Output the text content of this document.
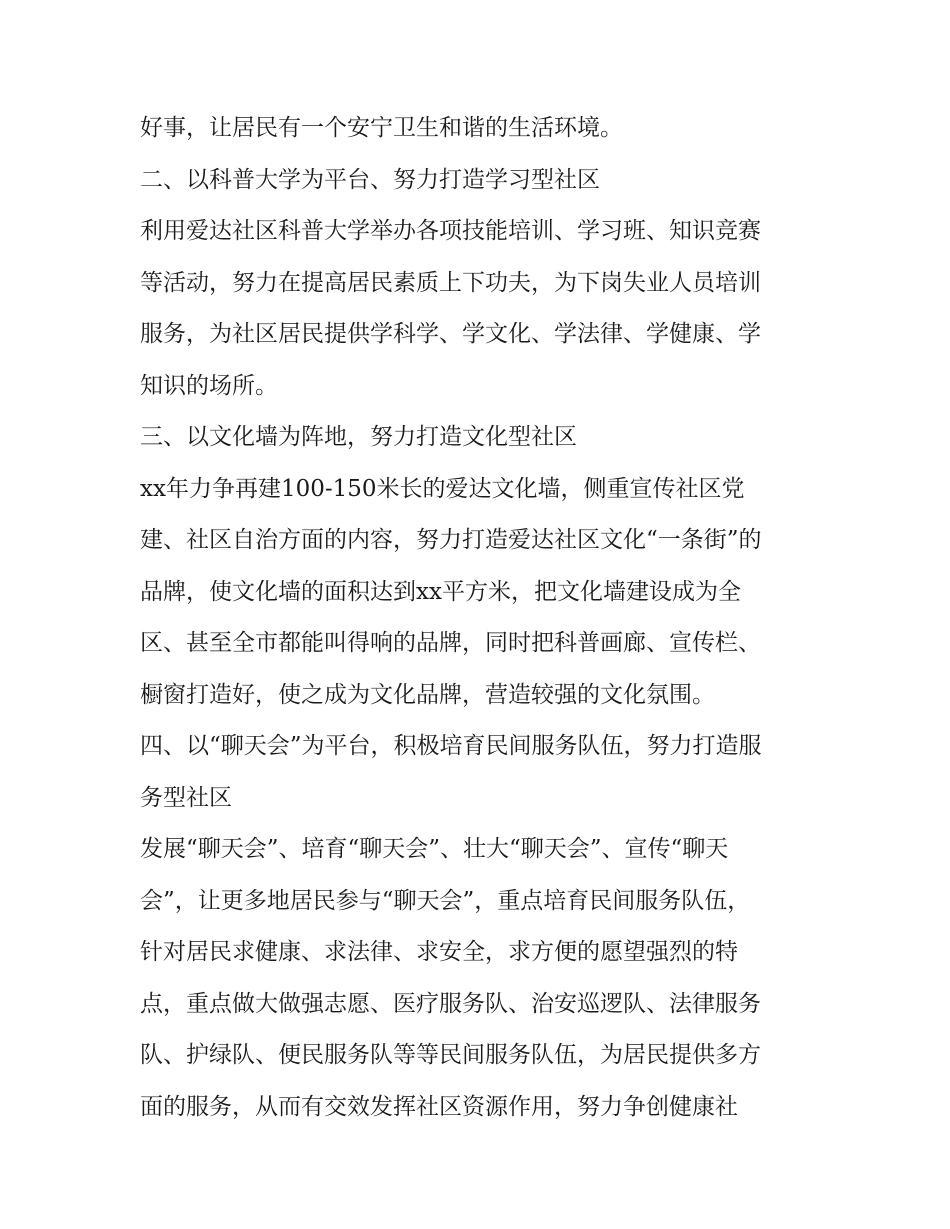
好事，让居民有一个安宁卫生和谐的生活环境。
二、以科普大学为平台、努力打造学习型社区
利用爱达社区科普大学举办各项技能培训、学习班、知识竞赛
等活动，努力在提高居民素质上下功夫，为下岗失业人员培训
服务，为社区居民提供学科学、学文化、学法律、学健康、学
知识的场所。
三、以文化墙为阵地，努力打造文化型社区
xx年力争再建100-150米长的爱达文化墙，侧重宣传社区党
建、社区自治方面的内容，努力打造爱达社区文化“一条街”的
品牌，使文化墙的面积达到xx平方米，把文化墙建设成为全
区、甚至全市都能叫得响的品牌，同时把科普画廊、宣传栏、
橱窗打造好，使之成为文化品牌，营造较强的文化氛围。
四、以“聊天会”为平台，积极培育民间服务队伍，努力打造服
务型社区
发展“聊天会”、培育“聊天会”、壮大“聊天会”、宣传“聊天
会”，让更多地居民参与“聊天会”，重点培育民间服务队伍，
针对居民求健康、求法律、求安全，求方便的愿望强烈的特
点，重点做大做强志愿、医疗服务队、治安巡逻队、法律服务
队、护绿队、便民服务队等等民间服务队伍，为居民提供多方
面的服务，从而有交效发挥社区资源作用，努力争创健康社
